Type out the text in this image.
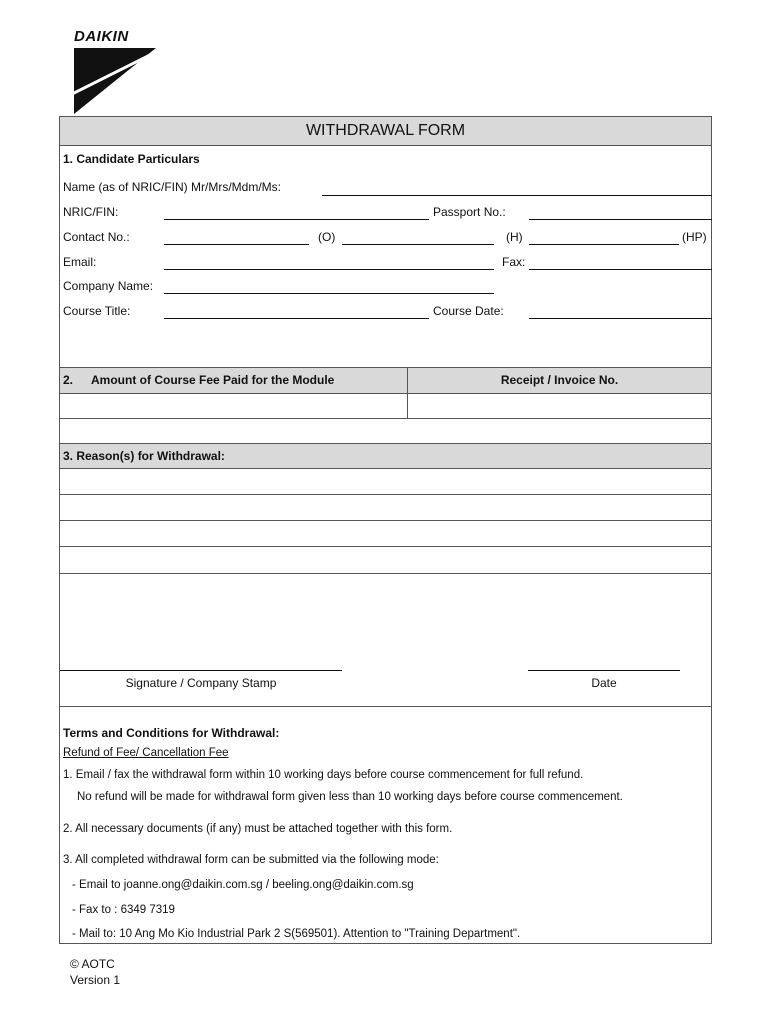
DAIKIN
WITHDRAWAL FORM
1. Candidate Particulars
Name (as of NRIC/FIN) Mr/Mrs/Mdm/Ms:
NRIC/FIN:	Passport No.:
Contact No.:	(O)	(H)	(HP)
Email:	Fax:
Company Name:
Course Title:	Course Date:
2. Amount of Course Fee Paid for the Module	Receipt / Invoice No.
3. Reason(s) for Withdrawal:
Signature / Company Stamp	Date
Terms and Conditions for Withdrawal:
Refund of Fee/ Cancellation Fee
1. Email / fax the withdrawal form within 10 working days before course commencement for full refund.
No refund will be made for withdrawal form given less than 10 working days before course commencement.
2. All necessary documents (if any) must be attached together with this form.
3. All completed withdrawal form can be submitted via the following mode:
- Email to joanne.ong@daikin.com.sg / beeling.ong@daikin.com.sg
- Fax to : 6349 7319
- Mail to: 10 Ang Mo Kio Industrial Park 2 S(569501). Attention to "Training Department".
© AOTC
Version 1
